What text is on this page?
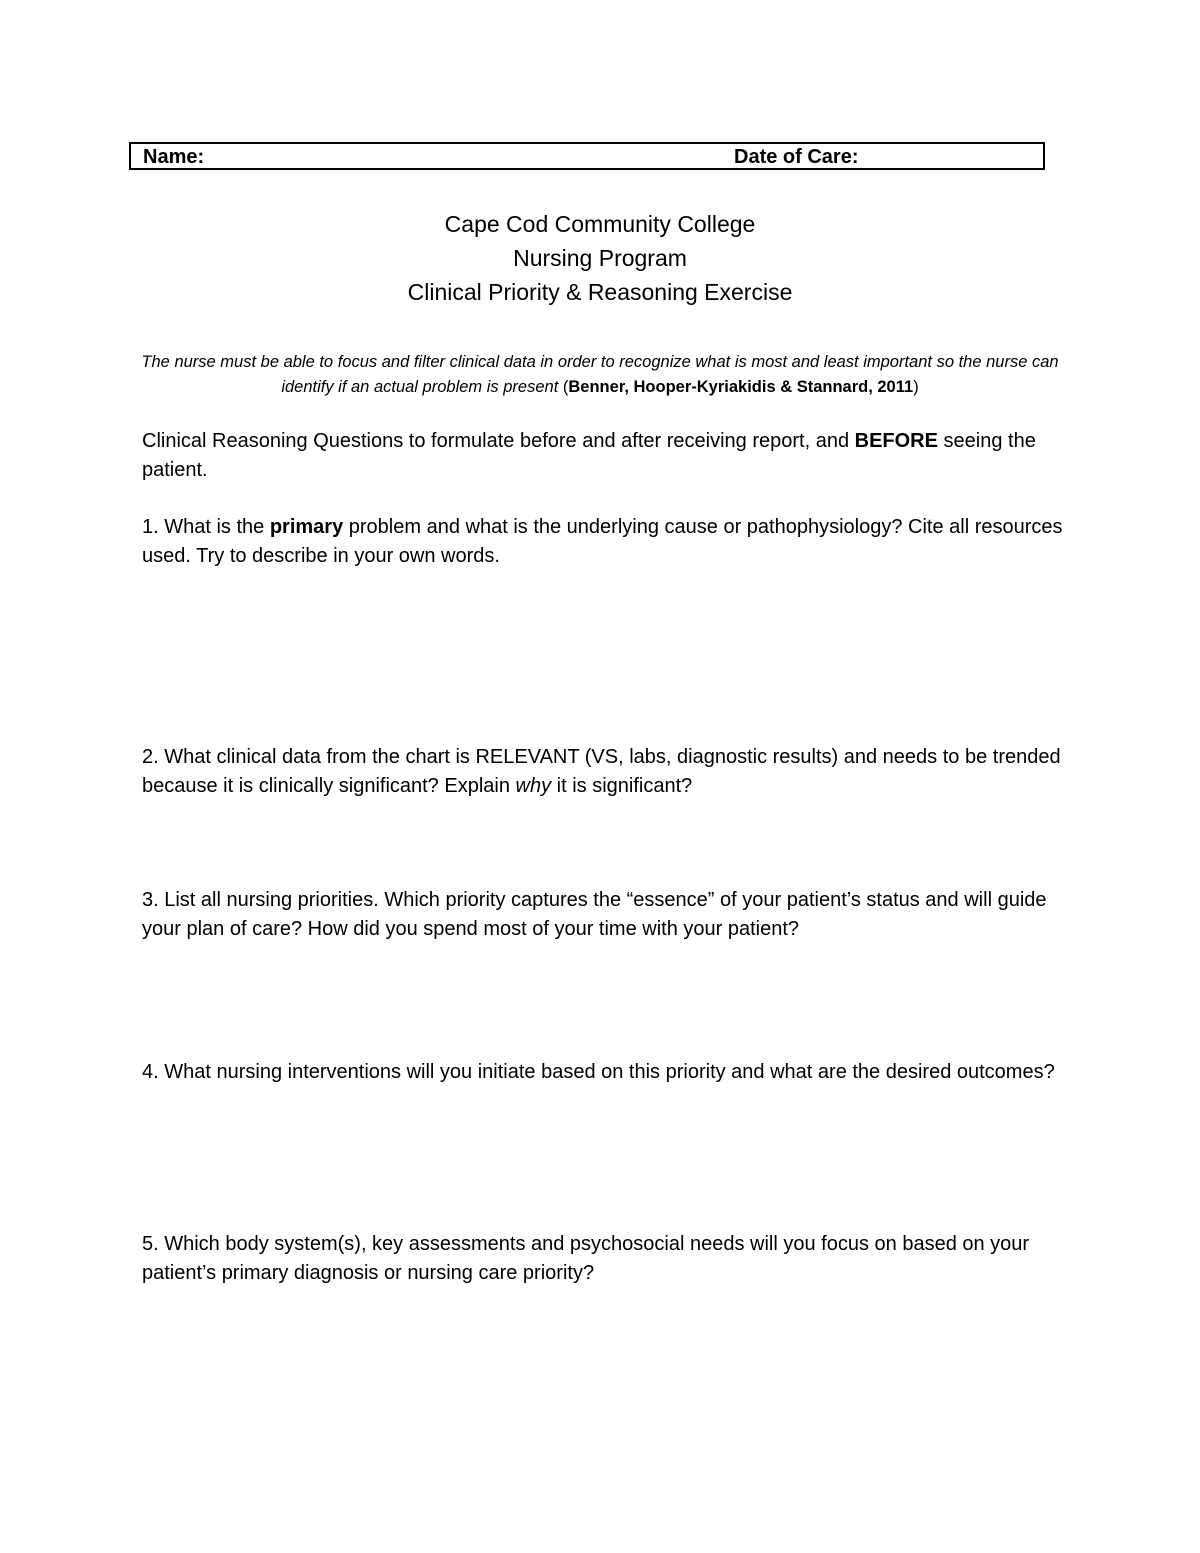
Name:	Date of Care:
Cape Cod Community College
Nursing Program
Clinical Priority & Reasoning Exercise
The nurse must be able to focus and filter clinical data in order to recognize what is most and least important so the nurse can identify if an actual problem is present (Benner, Hooper-Kyriakidis & Stannard, 2011)
Clinical Reasoning Questions to formulate before and after receiving report, and BEFORE seeing the patient.
1. What is the primary problem and what is the underlying cause or pathophysiology? Cite all resources used. Try to describe in your own words.
2. What clinical data from the chart is RELEVANT (VS, labs, diagnostic results) and needs to be trended because it is clinically significant? Explain why it is significant?
3. List all nursing priorities. Which priority captures the “essence” of your patient’s status and will guide your plan of care? How did you spend most of your time with your patient?
4. What nursing interventions will you initiate based on this priority and what are the desired outcomes?
5. Which body system(s), key assessments and psychosocial needs will you focus on based on your patient’s primary diagnosis or nursing care priority?
